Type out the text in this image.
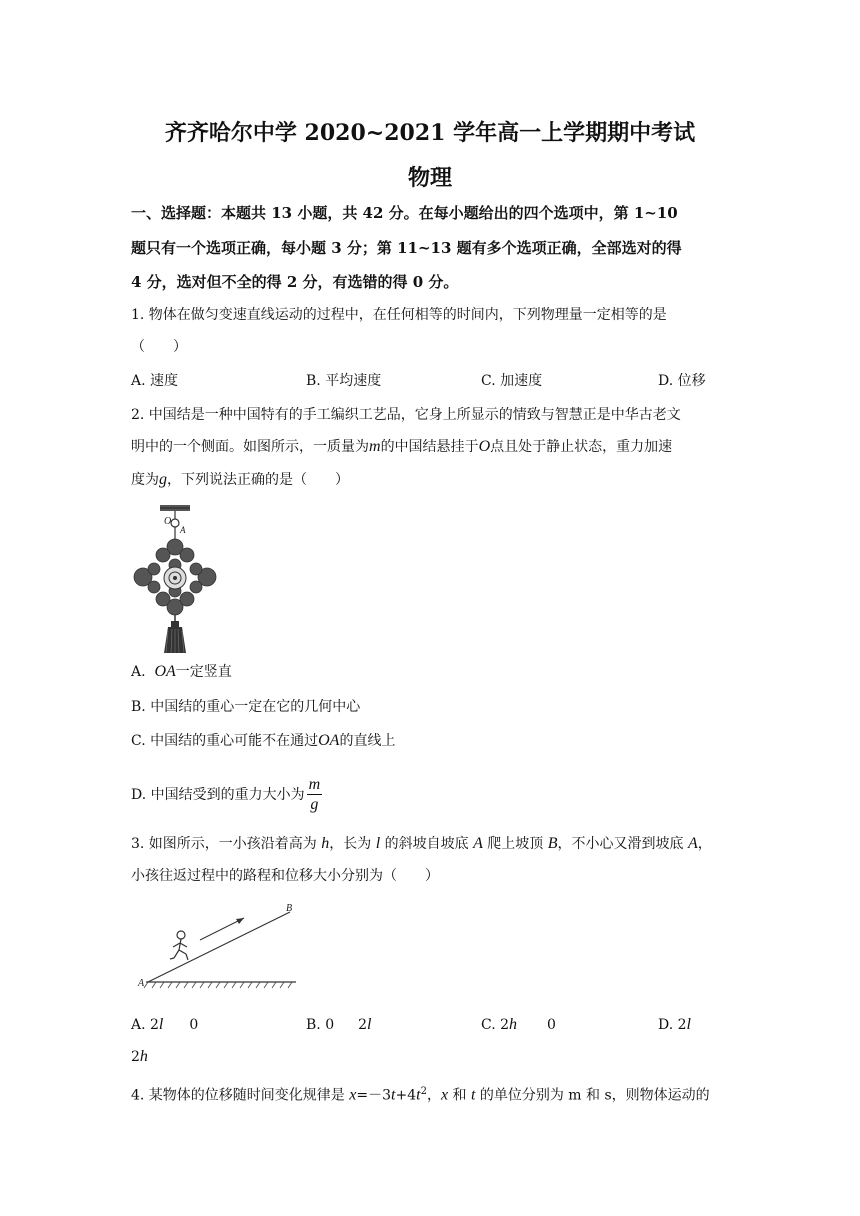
齐齐哈尔中学 2020~2021 学年高一上学期期中考试
物理
一、选择题：本题共 13 小题，共 42 分。在每小题给出的四个选项中，第 1~10
题只有一个选项正确，每小题 3 分；第 11~13 题有多个选项正确，全部选对的得
4 分，选对但不全的得 2 分，有选错的得 0 分。
1. 物体在做匀变速直线运动的过程中，在任何相等的时间内，下列物理量一定相等的是
（　　）
A. 速度	B. 平均速度	C. 加速度	D. 位移
2. 中国结是一种中国特有的手工编织工艺品，它身上所显示的情致与智慧正是中华古老文
明中的一个侧面。如图所示，一质量为m的中国结悬挂于O点且处于静止状态，重力加速
度为g，下列说法正确的是（　　）
O
A
A. OA一定竖直
B. 中国结的重心一定在它的几何中心
C. 中国结的重心可能不在通过OA的直线上
D. 中国结受到的重力大小为 $\frac{m}{g}$
3. 如图所示，一小孩沿着高为 h，长为 l 的斜坡自坡底 A 爬上坡顶 B，不小心又滑到坡底 A，
小孩往返过程中的路程和位移大小分别为（　　）
A
B
A. 2l 0	B. 0 2l	C. 2h 0	D. 2l
2h
4. 某物体的位移随时间变化规律是 $x=-3t+4t^2$，x 和 t 的单位分别为 m 和 s，则物体运动的
